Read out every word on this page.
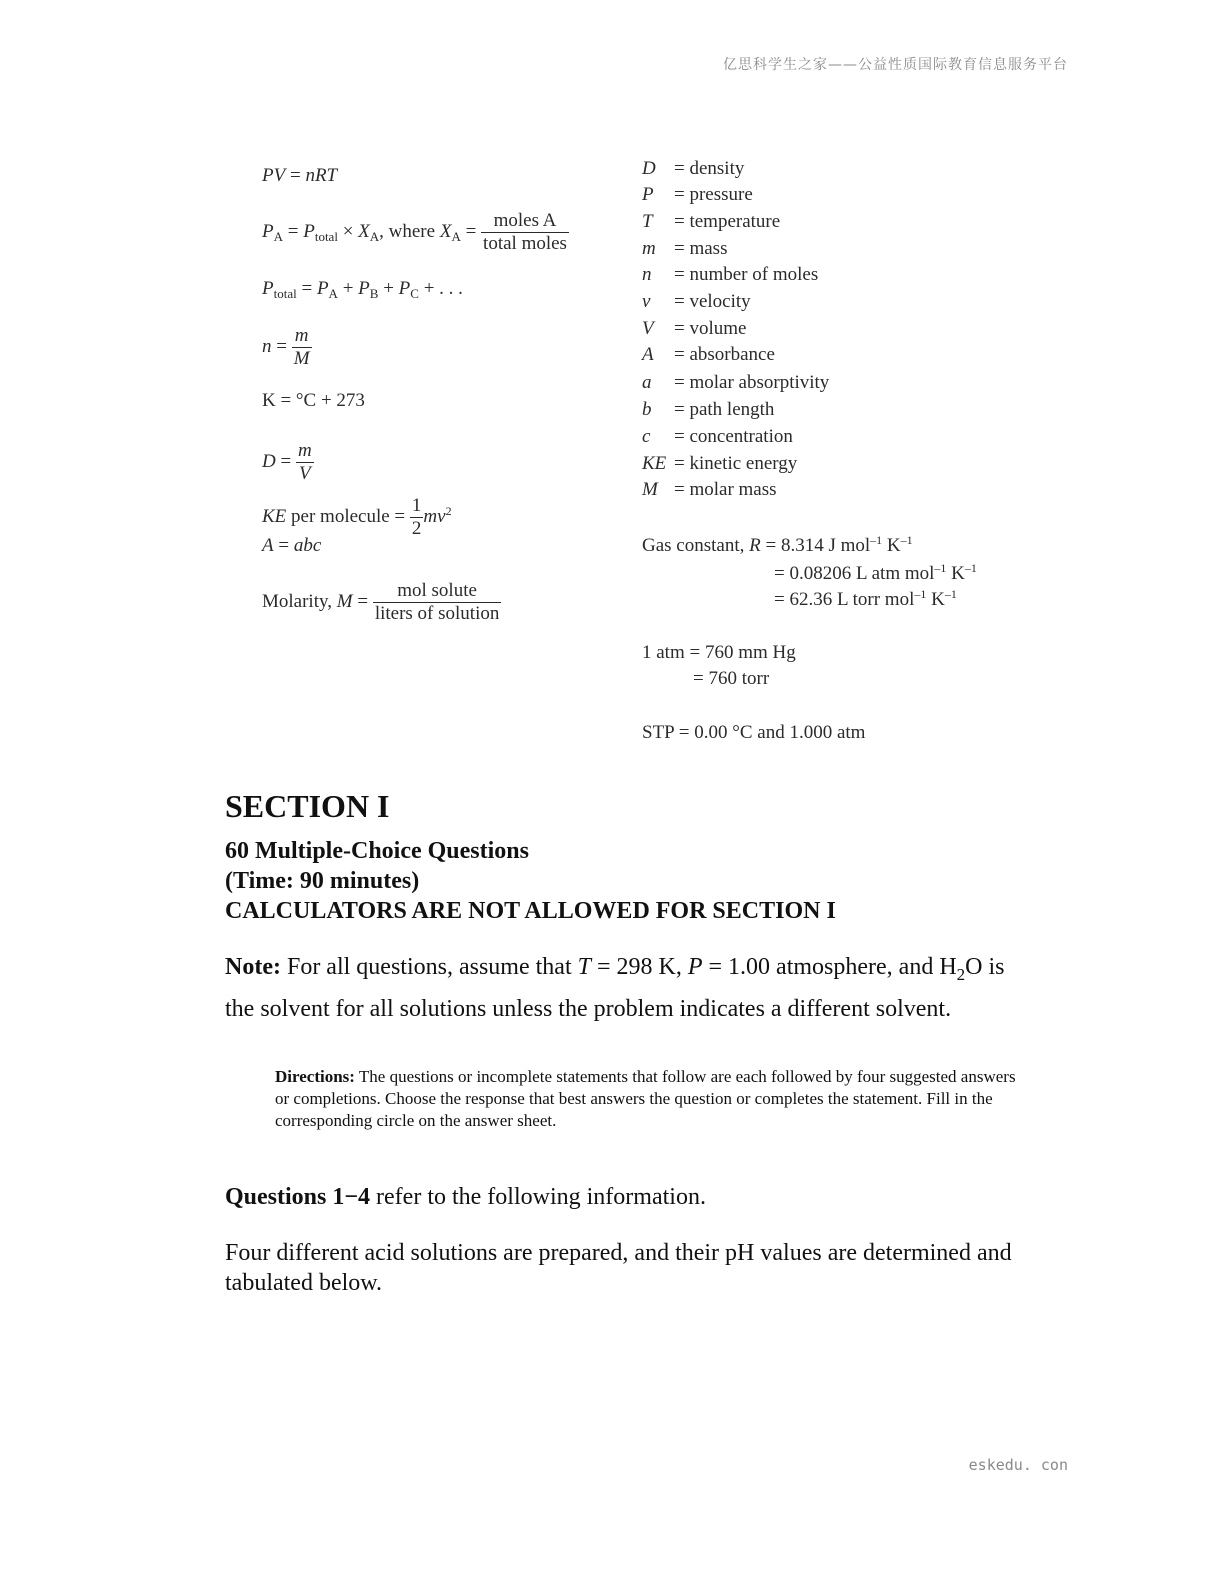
亿思科学生之家——公益性质国际教育信息服务平台
PV = nRT
$P_A = P_{total} \times X_A$, where $X_A = \frac{\text{moles A}}{\text{total moles}}$
$P_{total} = P_A + P_B + P_C$ + . . .
$n = \frac{m}{M}$
K = °C + 273
$D = \frac{m}{V}$
KE per molecule = $\frac{1}{2} mv^2$
A = abc
Molarity, $M = \frac{\text{mol solute}}{\text{liters of solution}}$
D = density
P = pressure
T = temperature
m = mass
n = number of moles
v = velocity
V = volume
A = absorbance
a = molar absorptivity
b = path length
c = concentration
KE = kinetic energy
M = molar mass
Gas constant, R = 8.314 J mol$^{-1}$ $K^{-1}$
= 0.08206 L atm mol$^{-1}$ $K^{-1}$
= 62.36 L torr mol$^{-1}$ $K^{-1}$
1 atm = 760 mm Hg
= 760 torr
STP = 0.00 °C and 1.000 atm
SECTION I
60 Multiple-Choice Questions
(Time: 90 minutes)
CALCULATORS ARE NOT ALLOWED FOR SECTION I
Note: For all questions, assume that T = 298 K, P = 1.00 atmosphere, and $H_2O$ is the solvent for all solutions unless the problem indicates a different solvent.
Directions: The questions or incomplete statements that follow are each followed by four suggested answers or completions. Choose the response that best answers the question or completes the statement. Fill in the corresponding circle on the answer sheet.
Questions 1−4 refer to the following information.
Four different acid solutions are prepared, and their pH values are determined and tabulated below.
eskedu. con
